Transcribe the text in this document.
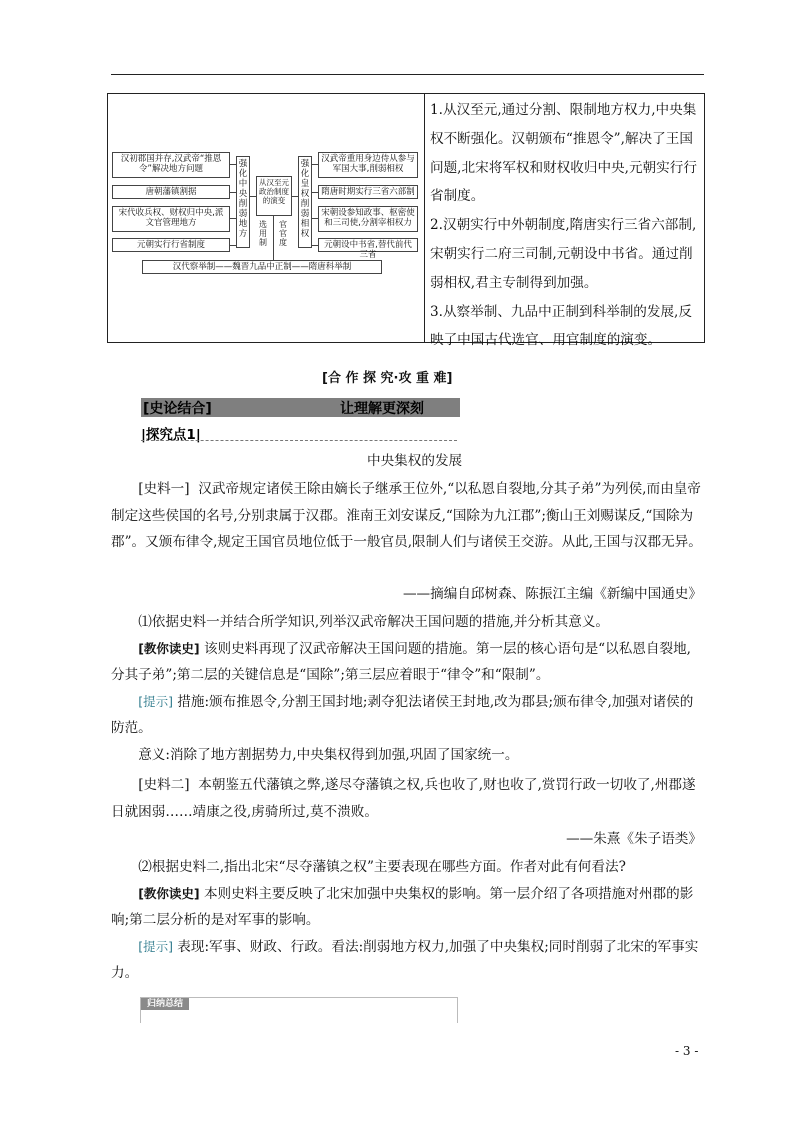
汉初郡国并存,汉武帝“推恩令”解决地方问题
唐朝藩镇割据
宋代收兵权、财权归中央,派文官管理地方
元朝实行行省制度
强化中央削弱地方
从汉至元政治制度的演变
选用制
官官度
强化皇权削弱相权
汉武帝重用身边侍从参与军国大事,削弱相权
隋唐时期实行三省六部制
宋朝设参知政事、枢密使和三司使,分割宰相权力
元朝设中书省,替代前代三省
汉代察举制——魏晋九品中正制——隋唐科举制

1.从汉至元,通过分割、限制地方权力,中央集权不断强化。汉朝颁布“推恩令”,解决了王国问题,北宋将军权和财权收归中央,元朝实行行省制度。

2.汉朝实行中外朝制度,隋唐实行三省六部制,宋朝实行二府三司制,元朝设中书省。通过削弱相权,君主专制得到加强。

3.从察举制、九品中正制到科举制的发展,反映了中国古代选官、用官制度的演变。

[合 作 探 究·攻 重 难]
[史论结合]	让理解更深刻
|探究点1|
中央集权的发展

[史料一] 汉武帝规定诸侯王除由嫡长子继承王位外,“以私恩自裂地,分其子弟”为列侯,而由皇帝制定这些侯国的名号,分别隶属于汉郡。淮南王刘安谋反,“国除为九江郡”;衡山王刘赐谋反,“国除为郡”。又颁布律令,规定王国官员地位低于一般官员,限制人们与诸侯王交游。从此,王国与汉郡无异。

——摘编自邱树森、陈振江主编《新编中国通史》

⑴依据史料一并结合所学知识,列举汉武帝解决王国问题的措施,并分析其意义。

[教你读史] 该则史料再现了汉武帝解决王国问题的措施。第一层的核心语句是“以私恩自裂地,分其子弟”;第二层的关键信息是“国除”;第三层应着眼于“律令”和“限制”。

[提示] 措施:颁布推恩令,分割王国封地;剥夺犯法诸侯王封地,改为郡县;颁布律令,加强对诸侯的防范。

意义:消除了地方割据势力,中央集权得到加强,巩固了国家统一。

[史料二] 本朝鉴五代藩镇之弊,遂尽夺藩镇之权,兵也收了,财也收了,赏罚行政一切收了,州郡遂日就困弱……靖康之役,虏骑所过,莫不溃败。

——朱熹《朱子语类》

⑵根据史料二,指出北宋“尽夺藩镇之权”主要表现在哪些方面。作者对此有何看法?

[教你读史] 本则史料主要反映了北宋加强中央集权的影响。第一层介绍了各项措施对州郡的影响;第二层分析的是对军事的影响。

[提示] 表现:军事、财政、行政。看法:削弱地方权力,加强了中央集权;同时削弱了北宋的军事实力。

归纳总结
- 3 -
